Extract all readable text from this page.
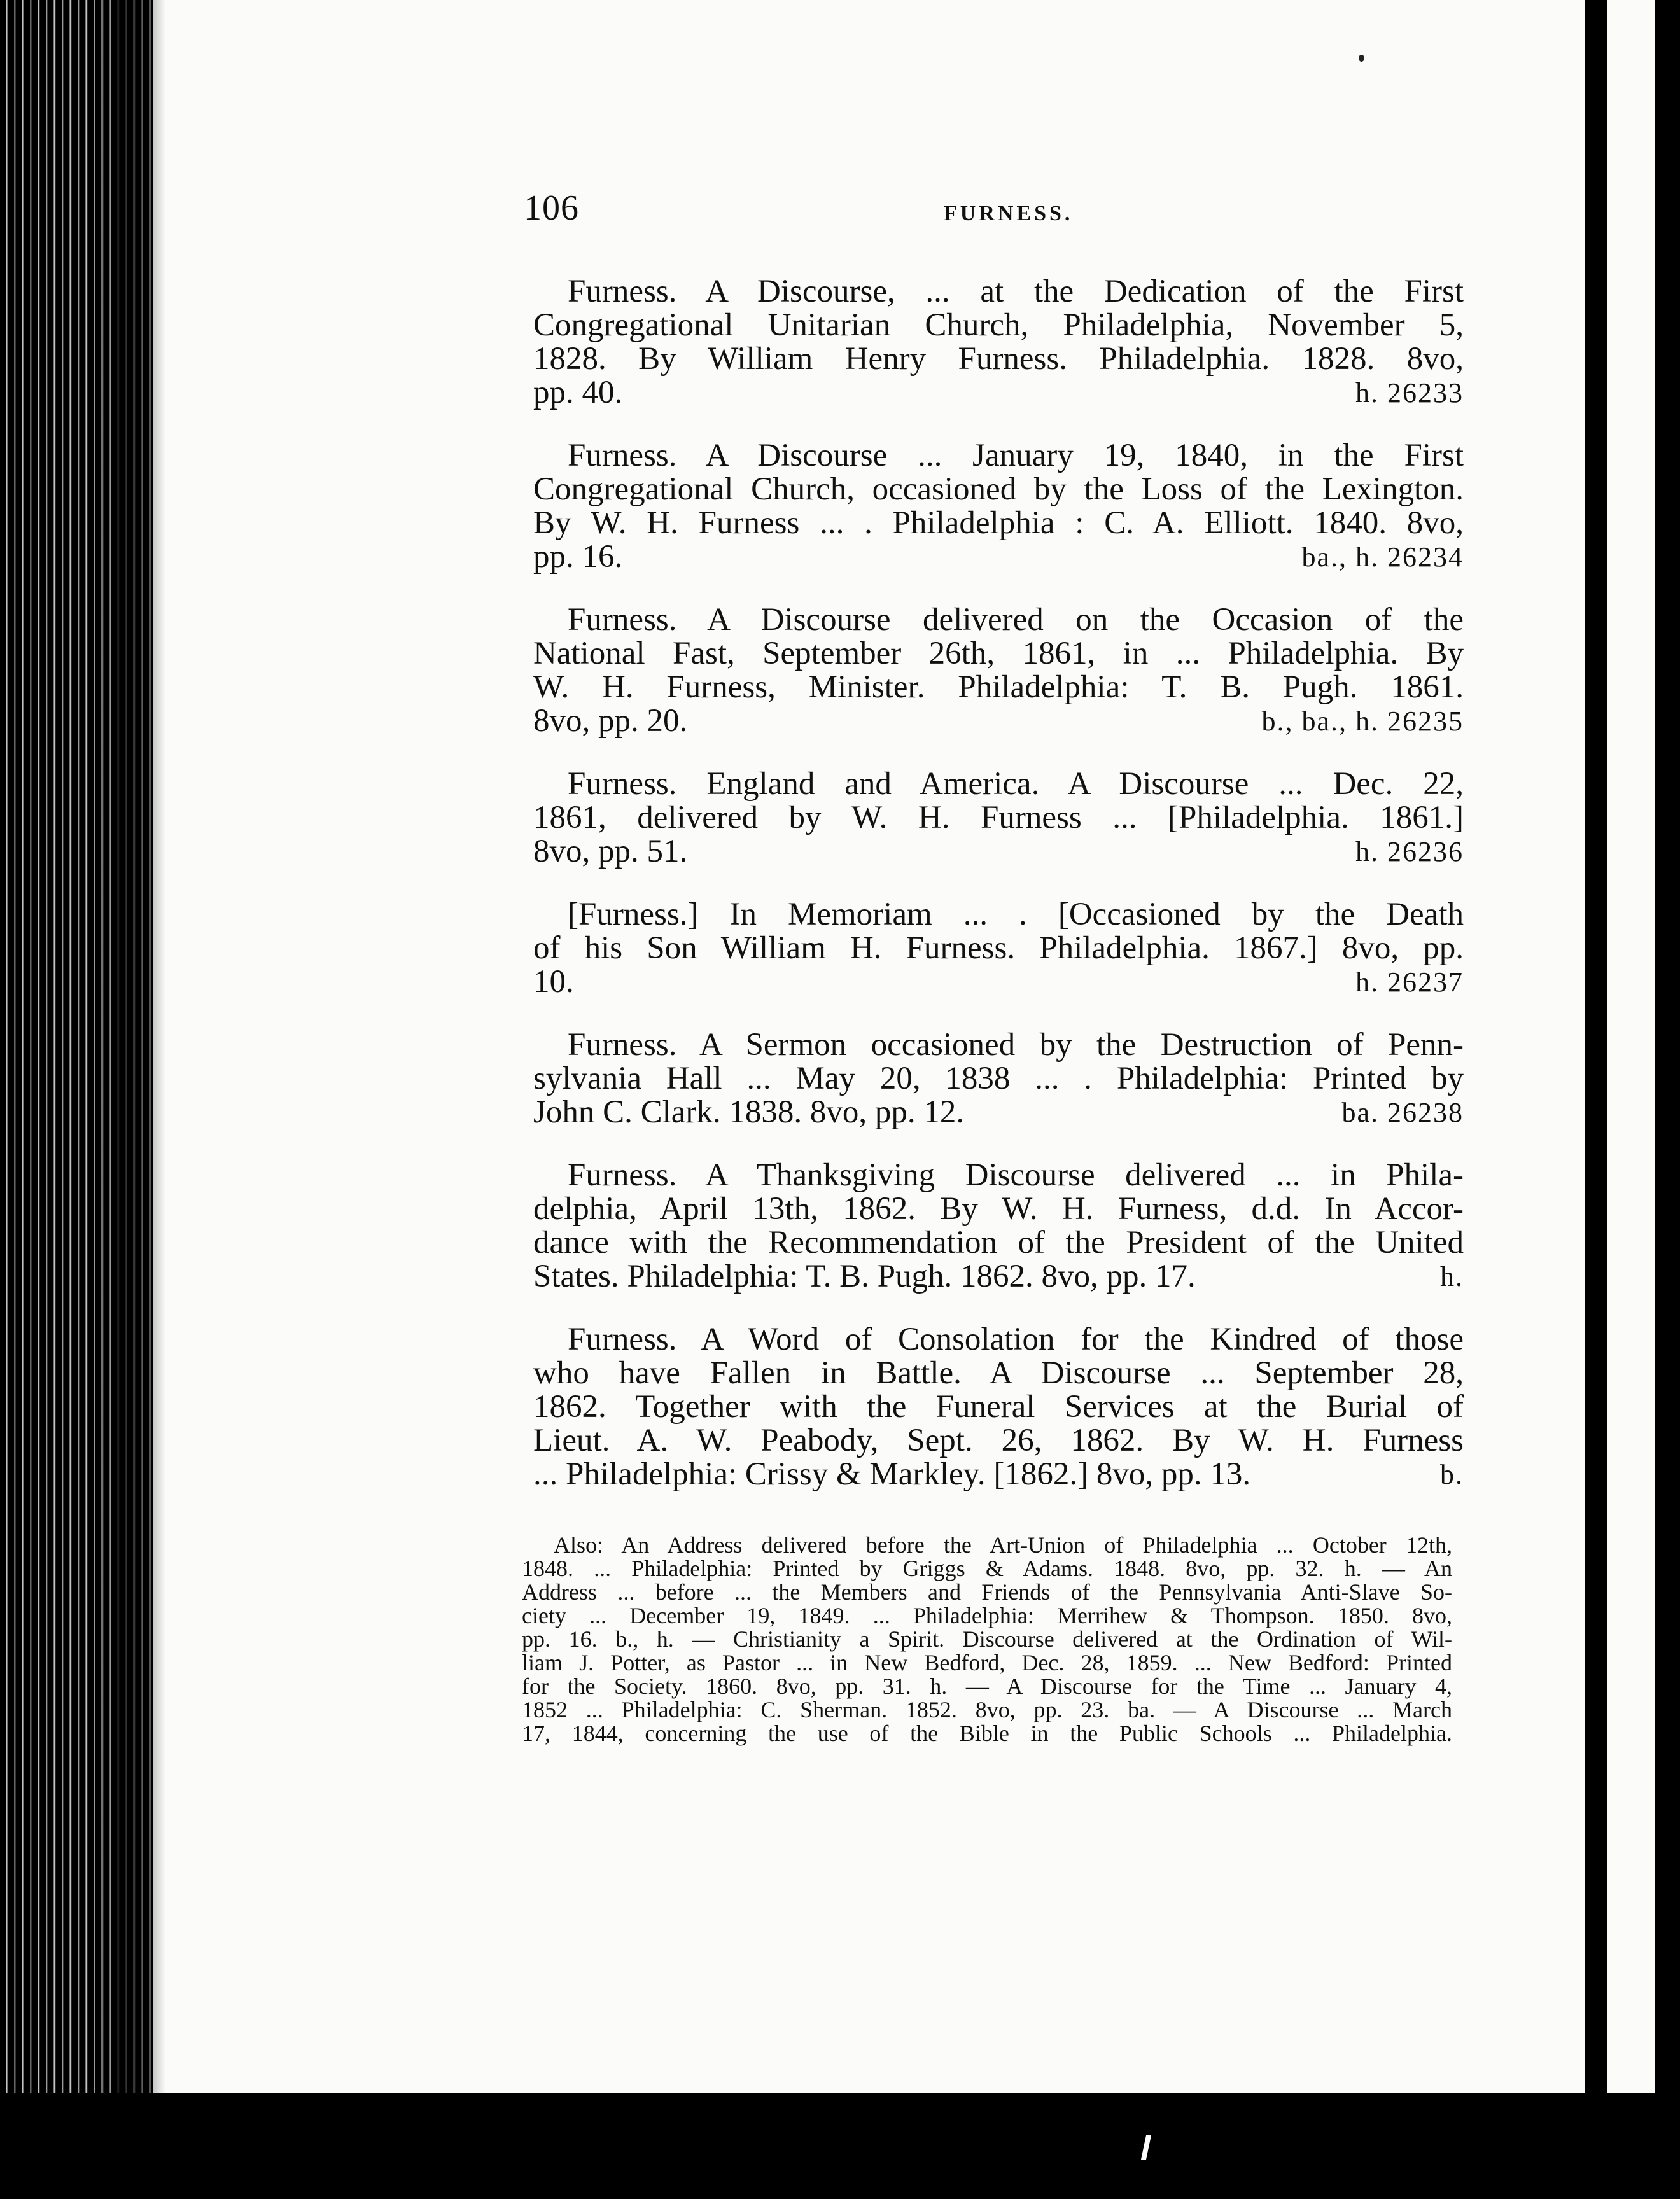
106	FURNESS.
Furness. A Discourse, ... at the Dedication of the First
Congregational Unitarian Church, Philadelphia, November 5,
1828. By William Henry Furness. Philadelphia. 1828. 8vo,
pp. 40.	h. 26233
Furness. A Discourse ... January 19, 1840, in the First
Congregational Church, occasioned by the Loss of the Lexington.
By W. H. Furness ... . Philadelphia : C. A. Elliott. 1840. 8vo,
pp. 16.	ba., h. 26234
Furness. A Discourse delivered on the Occasion of the
National Fast, September 26th, 1861, in ... Philadelphia. By
W. H. Furness, Minister. Philadelphia: T. B. Pugh. 1861.
8vo, pp. 20.	b., ba., h. 26235
Furness. England and America. A Discourse ... Dec. 22,
1861, delivered by W. H. Furness ... [Philadelphia. 1861.]
8vo, pp. 51.	h. 26236
[Furness.] In Memoriam ... . [Occasioned by the Death
of his Son William H. Furness. Philadelphia. 1867.] 8vo, pp.
10.	h. 26237
Furness. A Sermon occasioned by the Destruction of Penn-
sylvania Hall ... May 20, 1838 ... . Philadelphia: Printed by
John C. Clark. 1838. 8vo, pp. 12.	ba. 26238
Furness. A Thanksgiving Discourse delivered ... in Phila-
delphia, April 13th, 1862. By W. H. Furness, d.d. In Accor-
dance with the Recommendation of the President of the United
States. Philadelphia: T. B. Pugh. 1862. 8vo, pp. 17.	h.
Furness. A Word of Consolation for the Kindred of those
who have Fallen in Battle. A Discourse ... September 28,
1862. Together with the Funeral Services at the Burial of
Lieut. A. W. Peabody, Sept. 26, 1862. By W. H. Furness
... Philadelphia: Crissy & Markley. [1862.] 8vo, pp. 13.	b.
Also: An Address delivered before the Art-Union of Philadelphia ... October 12th,
1848. ... Philadelphia: Printed by Griggs & Adams. 1848. 8vo, pp. 32. h. — An
Address ... before ... the Members and Friends of the Pennsylvania Anti-Slave So-
ciety ... December 19, 1849. ... Philadelphia: Merrihew & Thompson. 1850. 8vo,
pp. 16. b., h. — Christianity a Spirit. Discourse delivered at the Ordination of Wil-
liam J. Potter, as Pastor ... in New Bedford, Dec. 28, 1859. ... New Bedford: Printed
for the Society. 1860. 8vo, pp. 31. h. — A Discourse for the Time ... January 4,
1852 ... Philadelphia: C. Sherman. 1852. 8vo, pp. 23. ba. — A Discourse ... March
17, 1844, concerning the use of the Bible in the Public Schools ... Philadelphia.
